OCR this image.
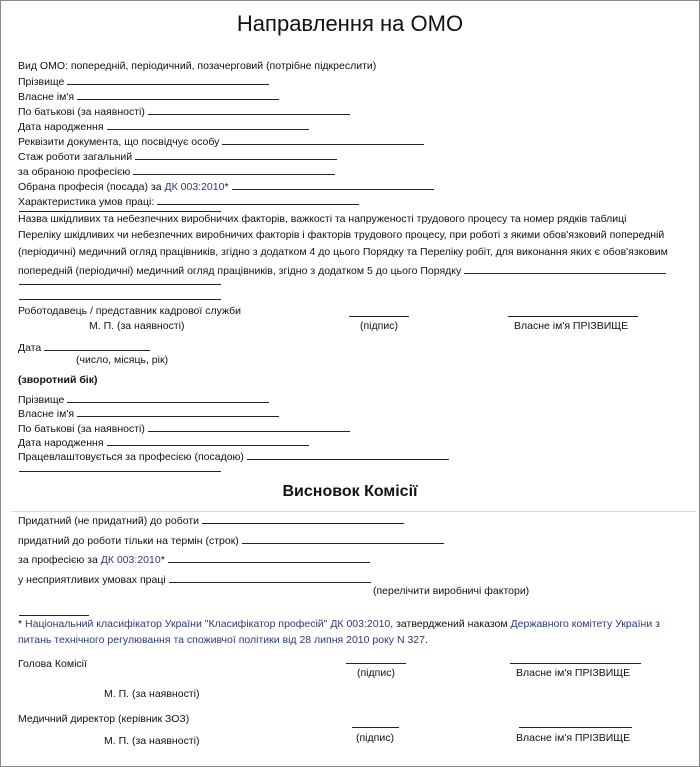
Направлення на ОМО
Вид ОМО: попередній, періодичний, позачерговий (потрібне підкреслити)
Прізвище
Власне ім'я
По батькові (за наявності)
Дата народження
Реквізити документа, що посвідчує особу
Стаж роботи загальний
за обраною професією
Обрана професія (посада) за ДК 003:2010*
Характеристика умов праці:
Назва шкідливих та небезпечних виробничих факторів, важкості та напруженості трудового процесу та номер рядків таблиці
Переліку шкідливих чи небезпечних виробничих факторів і факторів трудового процесу, при роботі з якими обов'язковий попередній
(періодичні) медичний огляд працівників, згідно з додатком 4 до цього Порядку та Переліку робіт, для виконання яких є обов'язковим
попередній (періодичні) медичний огляд працівників, згідно з додатком 5 до цього Порядку
Роботодавець / представник кадрової служби
М. П. (за наявності)	(підпис)	Власне ім'я ПРІЗВИЩЕ
Дата
(число, місяць, рік)
(зворотний бік)
Прізвище
Власне ім'я
По батькові (за наявності)
Дата народження
Працевлаштовується за професією (посадою)
Висновок Комісії
Придатний (не придатний) до роботи
придатний до роботи тільки на термін (строк)
за професією за ДК 003:2010*
у несприятливих умовах праці
(перелічити виробничі фактори)
* Національний класифікатор України "Класифікатор професій" ДК 003:2010, затверджений наказом Державного комітету України з
питань технічного регулювання та споживчої політики від 28 липня 2010 року N 327.
Голова Комісії
(підпис)	Власне ім'я ПРІЗВИЩЕ
М. П. (за наявності)
Медичний директор (керівник ЗОЗ)
(підпис)	Власне ім'я ПРІЗВИЩЕ
М. П. (за наявності)
